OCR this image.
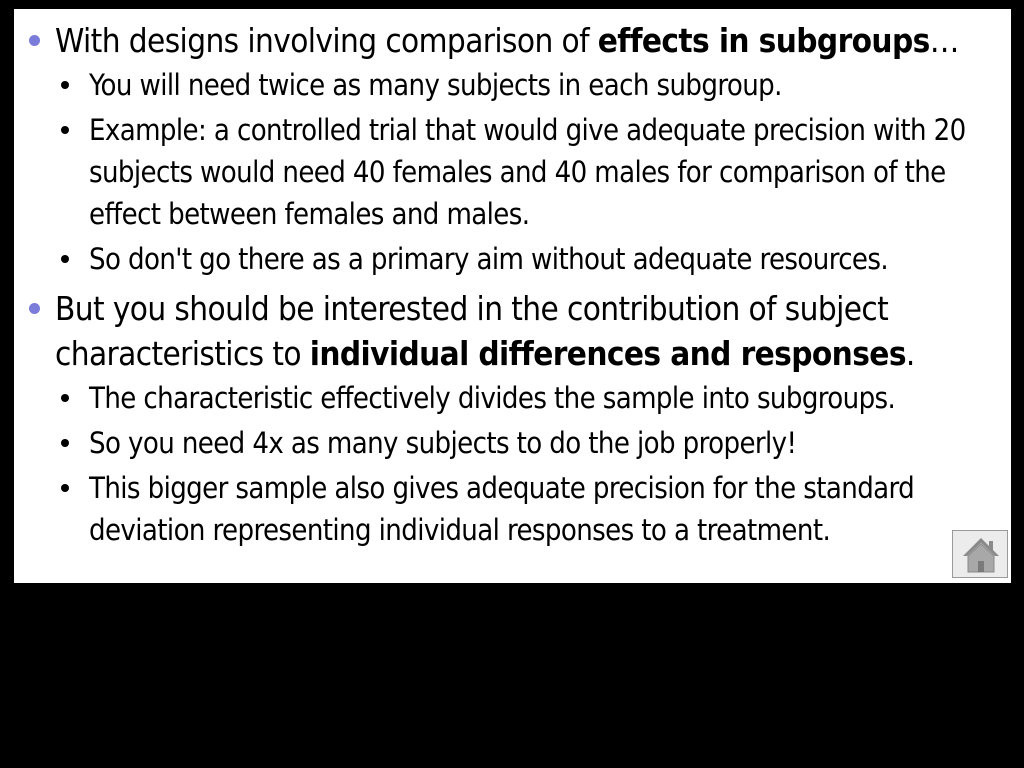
With designs involving comparison of effects in subgroups…
You will need twice as many subjects in each subgroup.
Example: a controlled trial that would give adequate precision with 20 subjects would need 40 females and 40 males for comparison of the effect between females and males.
So don't go there as a primary aim without adequate resources.
But you should be interested in the contribution of subject characteristics to individual differences and responses.
The characteristic effectively divides the sample into subgroups.
So you need 4x as many subjects to do the job properly!
This bigger sample also gives adequate precision for the standard deviation representing individual responses to a treatment.
